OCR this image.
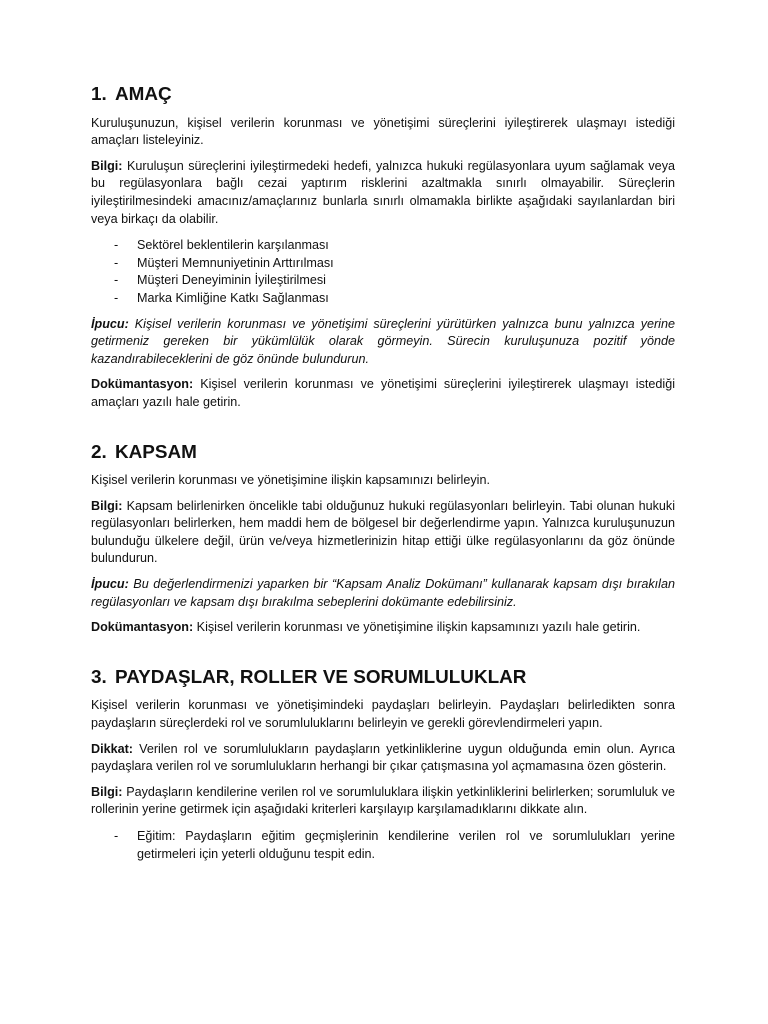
1. AMAÇ

Kuruluşunuzun, kişisel verilerin korunması ve yönetişimi süreçlerini iyileştirerek ulaşmayı istediği amaçları listeleyiniz.

Bilgi: Kuruluşun süreçlerini iyileştirmedeki hedefi, yalnızca hukuki regülasyonlara uyum sağlamak veya bu regülasyonlara bağlı cezai yaptırım risklerini azaltmakla sınırlı olmayabilir. Süreçlerin iyileştirilmesindeki amacınız/amaçlarınız bunlarla sınırlı olmamakla birlikte aşağıdaki sayılanlardan biri veya birkaçı da olabilir.

- Sektörel beklentilerin karşılanması
- Müşteri Memnuniyetinin Arttırılması
- Müşteri Deneyiminin İyileştirilmesi
- Marka Kimliğine Katkı Sağlanması

İpucu: Kişisel verilerin korunması ve yönetişimi süreçlerini yürütürken yalnızca bunu yalnızca yerine getirmeniz gereken bir yükümlülük olarak görmeyin. Sürecin kuruluşunuza pozitif yönde kazandırabileceklerini de göz önünde bulundurun.

Dokümantasyon: Kişisel verilerin korunması ve yönetişimi süreçlerini iyileştirerek ulaşmayı istediği amaçları yazılı hale getirin.

2. KAPSAM

Kişisel verilerin korunması ve yönetişimine ilişkin kapsamınızı belirleyin.

Bilgi: Kapsam belirlenirken öncelikle tabi olduğunuz hukuki regülasyonları belirleyin. Tabi olunan hukuki regülasyonları belirlerken, hem maddi hem de bölgesel bir değerlendirme yapın. Yalnızca kuruluşunuzun bulunduğu ülkelere değil, ürün ve/veya hizmetlerinizin hitap ettiği ülke regülasyonlarını da göz önünde bulundurun.

İpucu: Bu değerlendirmenizi yaparken bir “Kapsam Analiz Dokümanı” kullanarak kapsam dışı bırakılan regülasyonları ve kapsam dışı bırakılma sebeplerini dokümante edebilirsiniz.

Dokümantasyon: Kişisel verilerin korunması ve yönetişimine ilişkin kapsamınızı yazılı hale getirin.

3. PAYDAŞLAR, ROLLER VE SORUMLULUKLAR

Kişisel verilerin korunması ve yönetişimindeki paydaşları belirleyin. Paydaşları belirledikten sonra paydaşların süreçlerdeki rol ve sorumluluklarını belirleyin ve gerekli görevlendirmeleri yapın.

Dikkat: Verilen rol ve sorumlulukların paydaşların yetkinliklerine uygun olduğunda emin olun. Ayrıca paydaşlara verilen rol ve sorumlulukların herhangi bir çıkar çatışmasına yol açmamasına özen gösterin.

Bilgi: Paydaşların kendilerine verilen rol ve sorumluluklara ilişkin yetkinliklerini belirlerken; sorumluluk ve rollerinin yerine getirmek için aşağıdaki kriterleri karşılayıp karşılamadıklarını dikkate alın.

- Eğitim: Paydaşların eğitim geçmişlerinin kendilerine verilen rol ve sorumlulukları yerine getirmeleri için yeterli olduğunu tespit edin.
